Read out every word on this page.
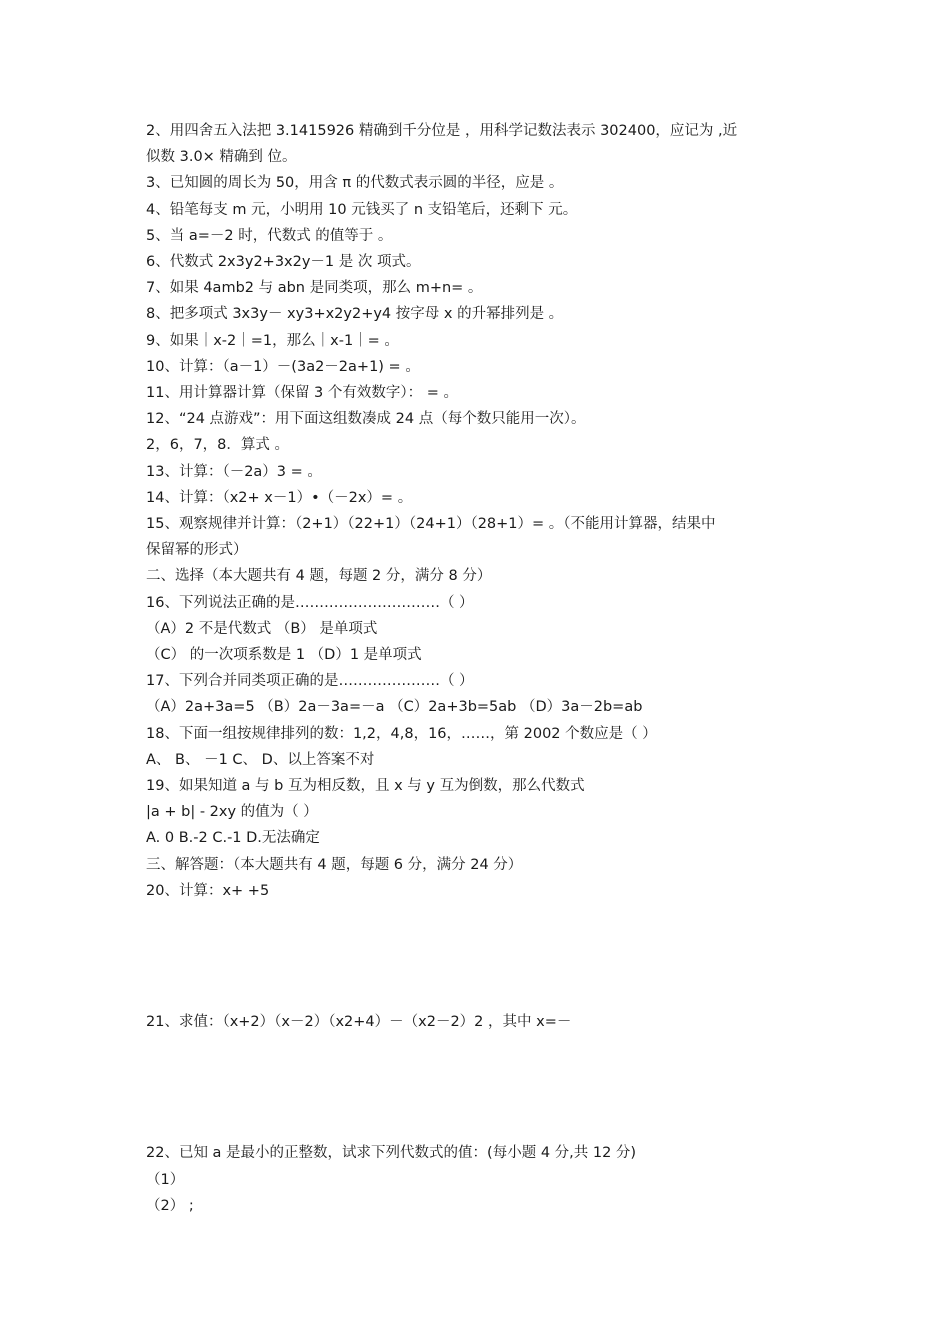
2、用四舍五入法把 3.1415926 精确到千分位是 ，用科学记数法表示 302400，应记为 ,近
似数 3.0× 精确到 位。
3、已知圆的周长为 50，用含 π 的代数式表示圆的半径，应是 。
4、铅笔每支 m 元，小明用 10 元钱买了 n 支铅笔后，还剩下 元。
5、当 a=－2 时，代数式 的值等于 。
6、代数式 2x3y2+3x2y－1 是 次 项式。
7、如果 4amb2 与 abn 是同类项，那么 m+n= 。
8、把多项式 3x3y－ xy3+x2y2+y4 按字母 x 的升幂排列是 。
9、如果｜x-2｜=1，那么｜x-1｜= 。
10、计算：（a－1）－(3a2－2a+1) = 。
11、用计算器计算（保留 3 个有效数字）： = 。
12、“24 点游戏”：用下面这组数凑成 24 点（每个数只能用一次）。
2，6，7，8．算式 。
13、计算：（－2a）3 = 。
14、计算：（x2+ x－1）•（－2x）= 。
15、观察规律并计算：（2+1）（22+1）（24+1）（28+1）= 。（不能用计算器，结果中
保留幂的形式）
二、选择（本大题共有 4 题，每题 2 分，满分 8 分）
16、下列说法正确的是…………………………（ ）
（A）2 不是代数式 （B） 是单项式
（C） 的一次项系数是 1 （D）1 是单项式
17、下列合并同类项正确的是…………………（ ）
（A）2a+3a=5 （B）2a－3a=－a （C）2a+3b=5ab （D）3a－2b=ab
18、下面一组按规律排列的数：1,2，4,8，16，……，第 2002 个数应是（ ）
A、 B、 －1 C、 D、以上答案不对
19、如果知道 a 与 b 互为相反数，且 x 与 y 互为倒数，那么代数式
|a + b| - 2xy 的值为（ ）
A. 0 B.-2 C.-1 D.无法确定
三、解答题：（本大题共有 4 题，每题 6 分，满分 24 分）
20、计算：x+ +5
21、求值：（x+2）（x－2）（x2+4）－（x2－2）2 ，其中 x=－
22、已知 a 是最小的正整数，试求下列代数式的值：(每小题 4 分,共 12 分)
（1）
（2） ;
